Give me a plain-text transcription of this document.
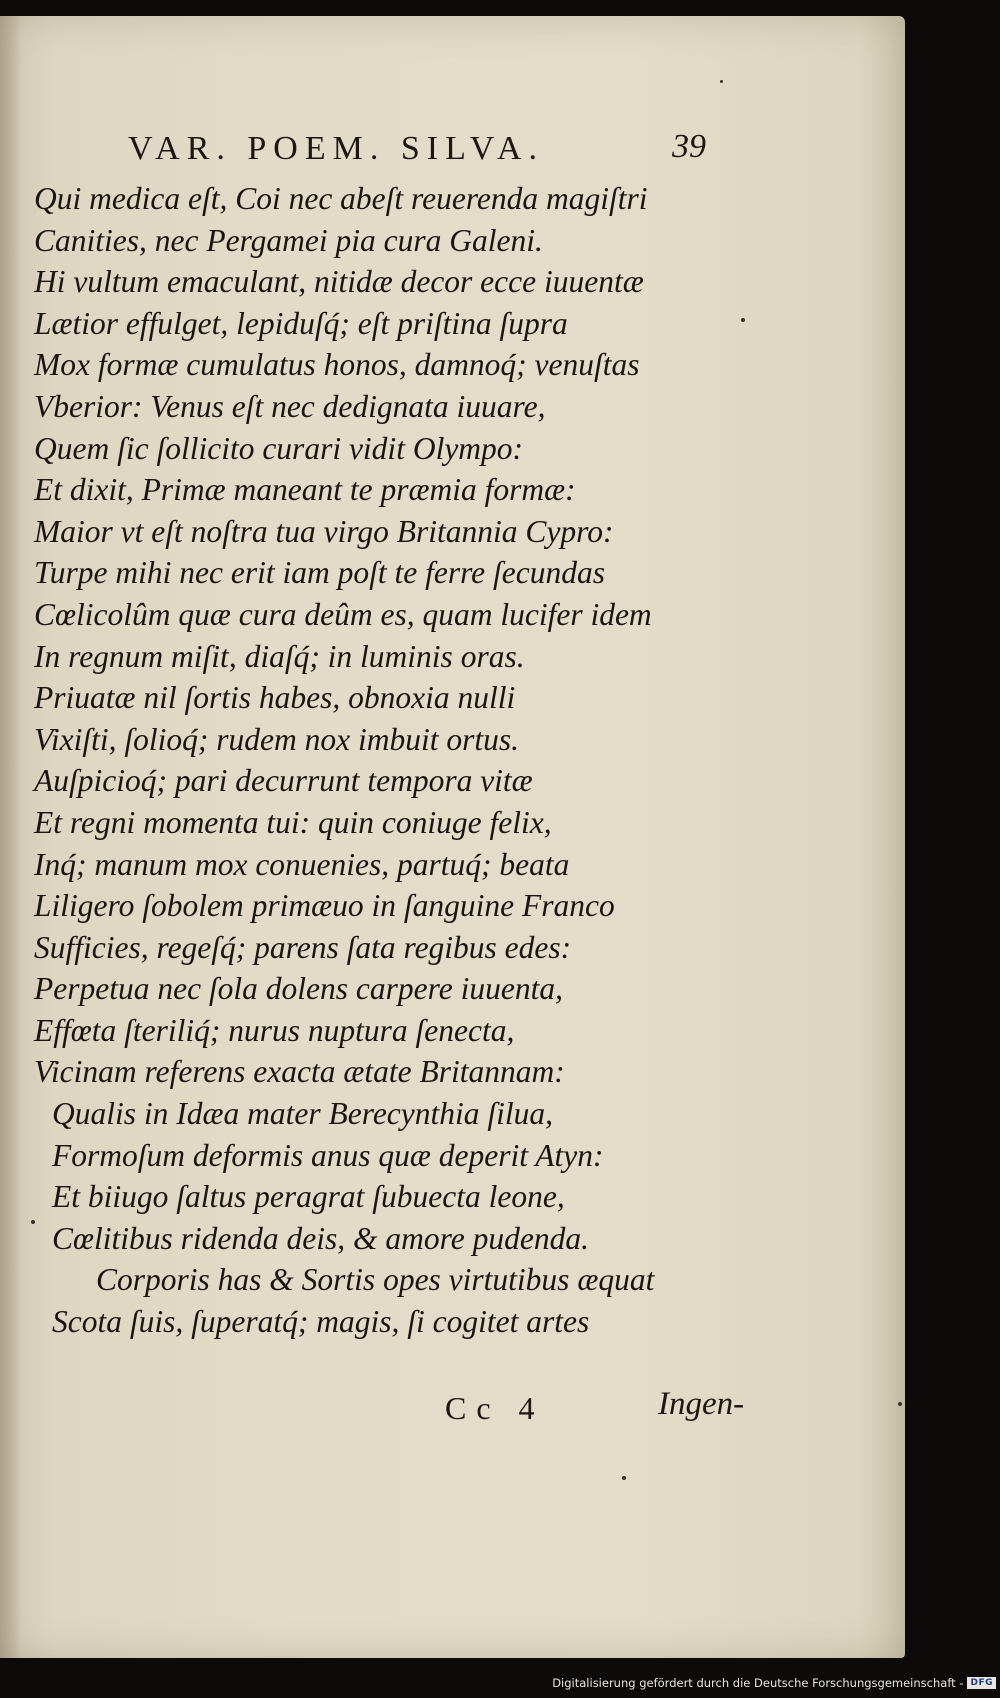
VAR. POEM. SILVA.	39
Qui medica eſt, Coi nec abeſt reuerenda magiſtri
Canities, nec Pergamei pia cura Galeni.
Hi vultum emaculant, nitidæ decor ecce iuuentæ
Lætior effulget, lepiduſq́; eſt priſtina ſupra
Mox formæ cumulatus honos, damnoq́; venuſtas
Vberior: Venus eſt nec dedignata iuuare,
Quem ſic ſollicito curari vidit Olympo:
Et dixit, Primæ maneant te præmia formæ:
Maior vt eſt noſtra tua virgo Britannia Cypro:
Turpe mihi nec erit iam poſt te ferre ſecundas
Cœlicolûm quæ cura deûm es, quam lucifer idem
In regnum miſit, diaſq́; in luminis oras.
Priuatæ nil ſortis habes, obnoxia nulli
Vixiſti, ſolioq́; rudem nox imbuit ortus.
Auſpicioq́; pari decurrunt tempora vitæ
Et regni momenta tui: quin coniuge felix,
Inq́; manum mox conuenies, partuq́; beata
Liligero ſobolem primæuo in ſanguine Franco
Sufficies, regeſq́; parens ſata regibus edes:
Perpetua nec ſola dolens carpere iuuenta,
Effœta ſteriliq́; nurus nuptura ſenecta,
Vicinam referens exacta ætate Britannam:
Qualis in Idæa mater Berecynthia ſilua,
Formoſum deformis anus quæ deperit Atyn:
Et biiugo ſaltus peragrat ſubuecta leone,
Cœlitibus ridenda deis, & amore pudenda.
Corporis has & Sortis opes virtutibus æquat
Scota ſuis, ſuperatq́; magis, ſi cogitet artes
Cc 4	Ingen-
Digitalisierung gefördert durch die Deutsche Forschungsgemeinschaft - DFG
